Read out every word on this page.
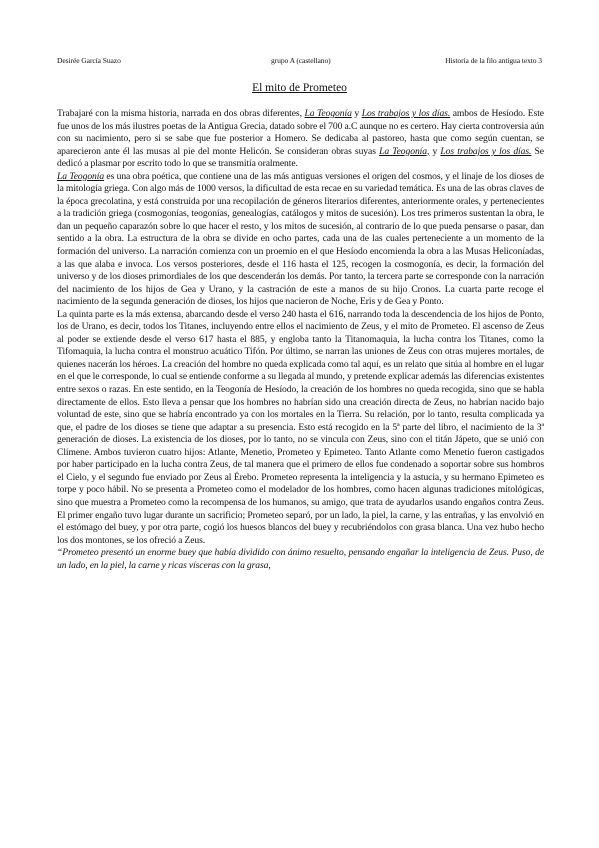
Desirée García Suazo	grupo A (castellano)	Historia de la filo antigua texto 3
El mito de Prometeo

Trabajaré con la misma historia, narrada en dos obras diferentes, La Teogonía y Los trabajos y los días. ambos de Hesíodo. Este fue unos de los más ilustres poetas de la Antigua Grecia, datado sobre el 700 a.C aunque no es certero. Hay cierta controversia aún con su nacimiento, pero si se sabe que fue posterior a Homero. Se dedicaba al pastoreo, hasta que como según cuentan, se aparecieron ante él las musas al pie del monte Helicón. Se consideran obras suyas La Teogonía, y Los trabajos y los días. Se dedicó a plasmar por escrito todo lo que se transmitía oralmente.

La Teogonía es una obra poética, que contiene una de las más antiguas versiones el origen del cosmos, y el linaje de los dioses de la mitología griega. Con algo más de 1000 versos, la dificultad de esta recae en su variedad temática. Es una de las obras claves de la época grecolatina, y está construida por una recopilación de géneros literarios diferentes, anteriormente orales, y pertenecientes a la tradición griega (cosmogonías, teogonías, genealogías, catálogos y mitos de sucesión). Los tres primeros sustentan la obra, le dan un pequeño caparazón sobre lo que hacer el resto, y los mitos de sucesión, al contrario de lo que pueda pensarse o pasar, dan sentido a la obra. La estructura de la obra se divide en ocho partes, cada una de las cuales perteneciente a un momento de la formación del universo. La narración comienza con un proemio en el que Hesíodo encomienda la obra a las Musas Heliconíadas, a las que alaba e invoca. Los versos posteriores, desde el 116 hasta el 125, recogen la cosmogonía, es decir, la formación del universo y de los dioses primordiales de los que descenderán los demás. Por tanto, la tercera parte se corresponde con la narración del nacimiento de los hijos de Gea y Urano, y la castración de este a manos de su hijo Cronos. La cuarta parte recoge el nacimiento de la segunda generación de dioses, los hijos que nacieron de Noche, Eris y de Gea y Ponto.

La quinta parte es la más extensa, abarcando desde el verso 240 hasta el 616, narrando toda la descendencia de los hijos de Ponto, los de Urano, es decir, todos los Titanes, incluyendo entre ellos el nacimiento de Zeus, y el mito de Prometeo. El ascenso de Zeus al poder se extiende desde el verso 617 hasta el 885, y engloba tanto la Titanomaquia, la lucha contra los Titanes, como la Tifomaquia, la lucha contra el monstruo acuático Tifón. Por último, se narran las uniones de Zeus con otras mujeres mortales, de quienes nacerán los héroes. La creación del hombre no queda explicada como tal aquí, es un relato que sitúa al hombre en el lugar en el que le corresponde, lo cual se entiende conforme a su llegada al mundo, y pretende explicar además las diferencias existentes entre sexos o razas. En este sentido, en la Teogonía de Hesíodo, la creación de los hombres no queda recogida, sino que se habla directamente de ellos. Esto lleva a pensar que los hombres no habrían sido una creación directa de Zeus, no habrían nacido bajo voluntad de este, sino que se habría encontrado ya con los mortales en la Tierra. Su relación, por lo tanto, resulta complicada ya que, el padre de los dioses se tiene que adaptar a su presencia. Esto está recogido en la 5ª parte del libro, el nacimiento de la 3ª generación de dioses. La existencia de los dioses, por lo tanto, no se vincula con Zeus, sino con el titán Jápeto, que se unió con Clímene. Ambos tuvieron cuatro hijos: Atlante, Menetio, Prometeo y Epimeteo. Tanto Atlante como Menetio fueron castigados por haber participado en la lucha contra Zeus, de tal manera que el primero de ellos fue condenado a soportar sobre sus hombros el Cielo, y el segundo fue enviado por Zeus al Érebo. Prometeo representa la inteligencia y la astucia, y su hermano Epimeteo es torpe y poco hábil. No se presenta a Prometeo como el modelador de los hombres, como hacen algunas tradiciones mitológicas, sino que muestra a Prometeo como la recompensa de los humanos, su amigo, que trata de ayudarlos usando engaños contra Zeus. El primer engaño tuvo lugar durante un sacrificio; Prometeo separó, por un lado, la piel, la carne, y las entrañas, y las envolvió en el estómago del buey, y por otra parte, cogió los huesos blancos del buey y recubriéndolos con grasa blanca. Una vez hubo hecho los dos montones, se los ofreció a Zeus.

“Prometeo presentó un enorme buey que había dividido con ánimo resuelto, pensando engañar la inteligencia de Zeus. Puso, de un lado, en la piel, la carne y ricas vísceras con la grasa,
